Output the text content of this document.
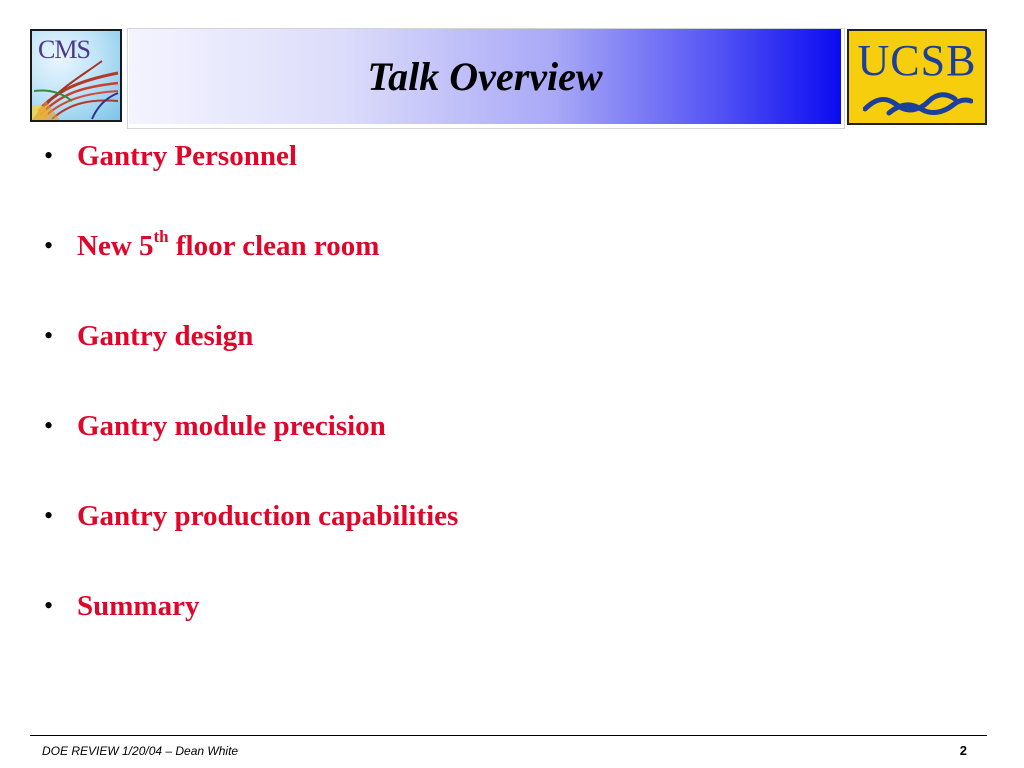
CMS
Talk Overview	UCSB
• Gantry Personnel
• New 5th floor clean room
• Gantry design
• Gantry module precision
• Gantry production capabilities
• Summary
DOE REVIEW 1/20/04 – Dean White	2
